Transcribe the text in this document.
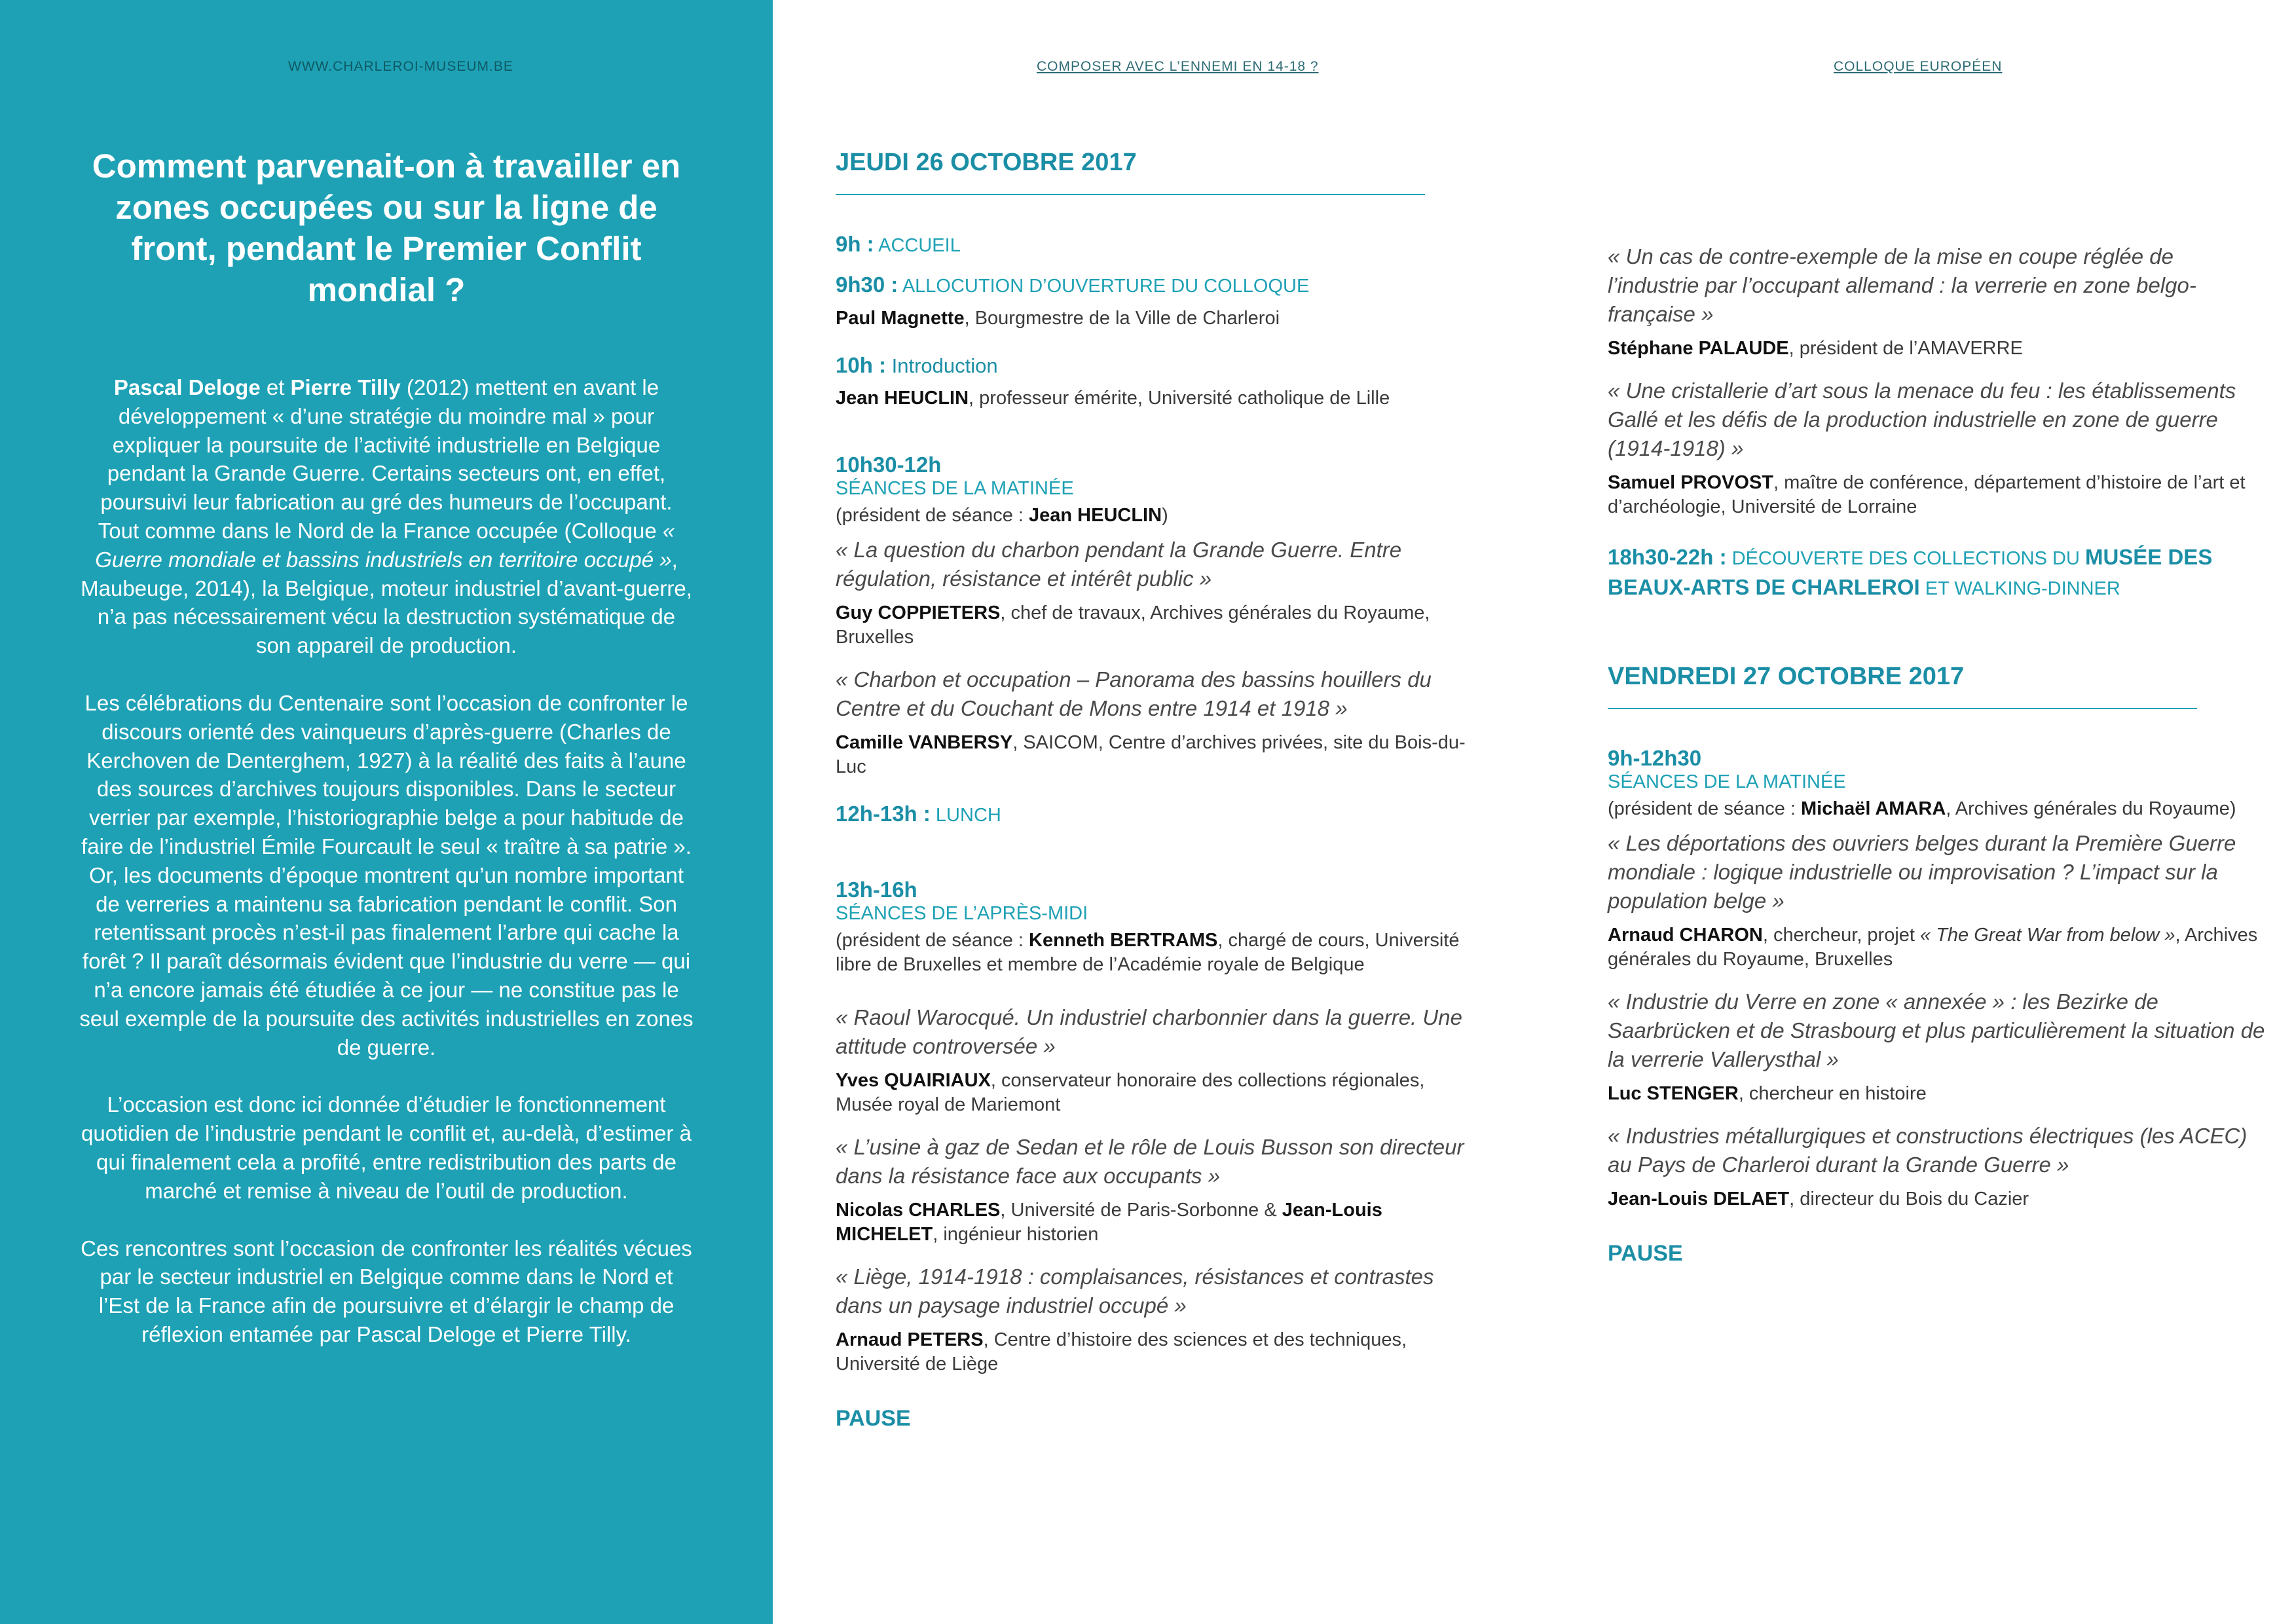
WWW.CHARLEROI-MUSEUM.BE
Comment parvenait-on à travailler en zones occupées ou sur la ligne de front, pendant le Premier Conflit mondial ?

Pascal Deloge et Pierre Tilly (2012) mettent en avant le développement « d’une stratégie du moindre mal » pour expliquer la poursuite de l’activité industrielle en Belgique pendant la Grande Guerre. Certains secteurs ont, en effet, poursuivi leur fabrication au gré des humeurs de l’occupant. Tout comme dans le Nord de la France occupée (Colloque « Guerre mondiale et bassins industriels en territoire occupé », Maubeuge, 2014), la Belgique, moteur industriel d’avant-guerre, n’a pas nécessairement vécu la destruction systématique de son appareil de production.

Les célébrations du Centenaire sont l’occasion de confronter le discours orienté des vainqueurs d’après-guerre (Charles de Kerchoven de Denterghem, 1927) à la réalité des faits à l’aune des sources d’archives toujours disponibles. Dans le secteur verrier par exemple, l’historiographie belge a pour habitude de faire de l’industriel Émile Fourcault le seul « traître à sa patrie ». Or, les documents d’époque montrent qu’un nombre important de verreries a maintenu sa fabrication pendant le conflit. Son retentissant procès n’est-il pas finalement l’arbre qui cache la forêt ? Il paraît désormais évident que l’industrie du verre — qui n’a encore jamais été étudiée à ce jour — ne constitue pas le seul exemple de la poursuite des activités industrielles en zones de guerre.

L’occasion est donc ici donnée d’étudier le fonctionnement quotidien de l’industrie pendant le conflit et, au-delà, d’estimer à qui finalement cela a profité, entre redistribution des parts de marché et remise à niveau de l’outil de production.

Ces rencontres sont l’occasion de confronter les réalités vécues par le secteur industriel en Belgique comme dans le Nord et l’Est de la France afin de poursuivre et d’élargir le champ de réflexion entamée par Pascal Deloge et Pierre Tilly.

COMPOSER AVEC L’ENNEMI EN 14-18 ?	COLLOQUE EUROPÉEN
JEUDI 26 OCTOBRE 2017
9h : ACCUEIL
9h30 : ALLOCUTION D’OUVERTURE DU COLLOQUE
Paul Magnette, Bourgmestre de la Ville de Charleroi
10h : Introduction
Jean HEUCLIN, professeur émérite, Université catholique de Lille
10h30-12h
SÉANCES DE LA MATINÉE
(président de séance : Jean HEUCLIN)
« La question du charbon pendant la Grande Guerre. Entre régulation, résistance et intérêt public »
Guy COPPIETERS, chef de travaux, Archives générales du Royaume, Bruxelles
« Charbon et occupation – Panorama des bassins houillers du Centre et du Couchant de Mons entre 1914 et 1918 »
Camille VANBERSY, SAICOM, Centre d’archives privées, site du Bois-du-Luc
12h-13h : LUNCH
13h-16h
SÉANCES DE L’APRÈS-MIDI
(président de séance : Kenneth BERTRAMS, chargé de cours, Université libre de Bruxelles et membre de l’Académie royale de Belgique
« Raoul Warocqué. Un industriel charbonnier dans la guerre. Une attitude controversée »
Yves QUAIRIAUX, conservateur honoraire des collections régionales, Musée royal de Mariemont
« L’usine à gaz de Sedan et le rôle de Louis Busson son directeur dans la résistance face aux occupants »
Nicolas CHARLES, Université de Paris-Sorbonne & Jean-Louis MICHELET, ingénieur historien
« Liège, 1914-1918 : complaisances, résistances et contrastes dans un paysage industriel occupé »
Arnaud PETERS, Centre d’histoire des sciences et des techniques, Université de Liège
PAUSE
« Un cas de contre-exemple de la mise en coupe réglée de l’industrie par l’occupant allemand : la verrerie en zone belgo-française »
Stéphane PALAUDE, président de l’AMAVERRE
« Une cristallerie d’art sous la menace du feu : les établissements Gallé et les défis de la production industrielle en zone de guerre (1914-1918) »
Samuel PROVOST, maître de conférence, département d’histoire de l’art et d’archéologie, Université de Lorraine
18h30-22h : DÉCOUVERTE DES COLLECTIONS DU MUSÉE DES BEAUX-ARTS DE CHARLEROI ET WALKING-DINNER
VENDREDI 27 OCTOBRE 2017
9h-12h30
SÉANCES DE LA MATINÉE
(président de séance : Michaël AMARA, Archives générales du Royaume)
« Les déportations des ouvriers belges durant la Première Guerre mondiale : logique industrielle ou improvisation ? L’impact sur la population belge »
Arnaud CHARON, chercheur, projet « The Great War from below », Archives générales du Royaume, Bruxelles
« Industrie du Verre en zone « annexée » : les Bezirke de Saarbrücken et de Strasbourg et plus particulièrement la situation de la verrerie Vallerysthal »
Luc STENGER, chercheur en histoire
« Industries métallurgiques et constructions électriques (les ACEC) au Pays de Charleroi durant la Grande Guerre »
Jean-Louis DELAET, directeur du Bois du Cazier
PAUSE
